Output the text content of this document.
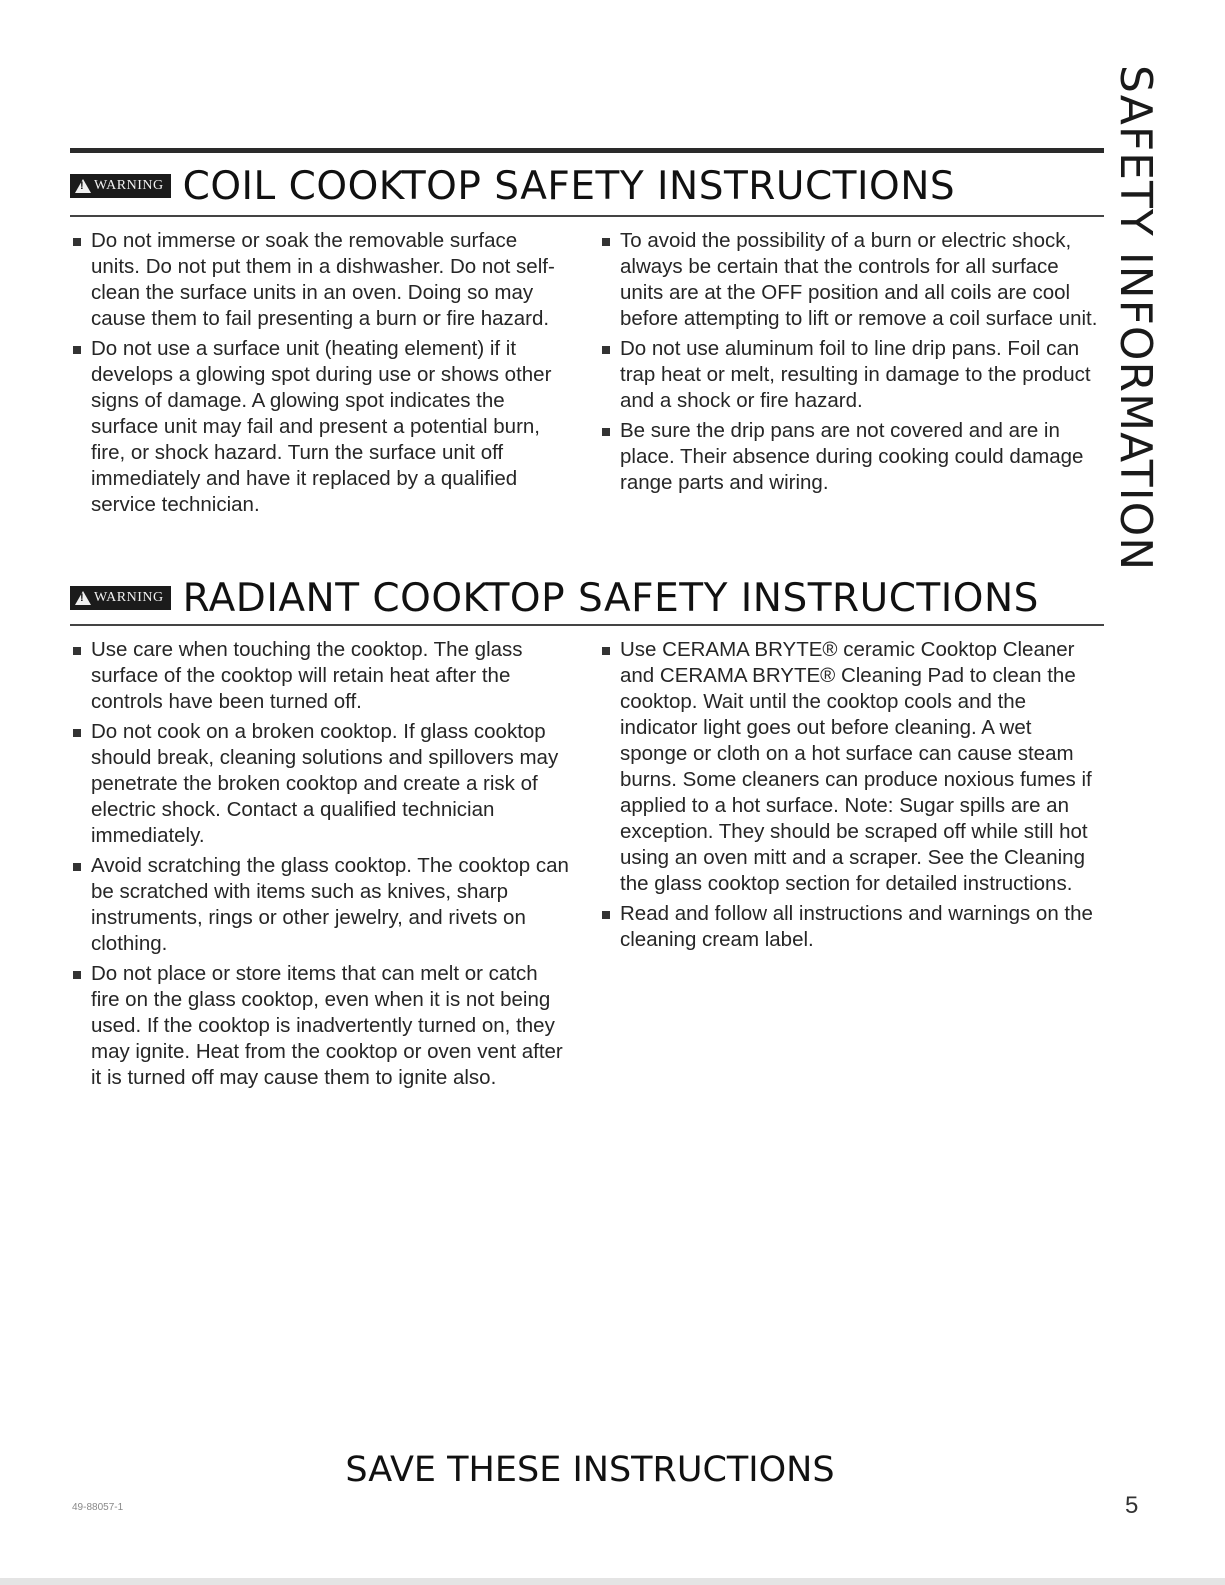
SAFETY INFORMATION
!
WARNING COIL COOKTOP SAFETY INSTRUCTIONS
Do not immerse or soak the removable surface units. Do not put them in a dishwasher. Do not self-clean the surface units in an oven. Doing so may cause them to fail presenting a burn or fire hazard.
Do not use a surface unit (heating element) if it develops a glowing spot during use or shows other signs of damage. A glowing spot indicates the surface unit may fail and present a potential burn, fire, or shock hazard. Turn the surface unit off immediately and have it replaced by a qualified service technician.
To avoid the possibility of a burn or electric shock, always be certain that the controls for all surface units are at the OFF position and all coils are cool before attempting to lift or remove a coil surface unit.
Do not use aluminum foil to line drip pans. Foil can trap heat or melt, resulting in damage to the product and a shock or fire hazard.
Be sure the drip pans are not covered and are in place. Their absence during cooking could damage range parts and wiring.
!
WARNING RADIANT COOKTOP SAFETY INSTRUCTIONS
Use care when touching the cooktop. The glass surface of the cooktop will retain heat after the controls have been turned off.
Do not cook on a broken cooktop. If glass cooktop should break, cleaning solutions and spillovers may penetrate the broken cooktop and create a risk of electric shock. Contact a qualified technician immediately.
Avoid scratching the glass cooktop. The cooktop can be scratched with items such as knives, sharp instruments, rings or other jewelry, and rivets on clothing.
Do not place or store items that can melt or catch fire on the glass cooktop, even when it is not being used. If the cooktop is inadvertently turned on, they may ignite. Heat from the cooktop or oven vent after it is turned off may cause them to ignite also.
Use CERAMA BRYTE® ceramic Cooktop Cleaner and CERAMA BRYTE® Cleaning Pad to clean the cooktop. Wait until the cooktop cools and the indicator light goes out before cleaning. A wet sponge or cloth on a hot surface can cause steam burns. Some cleaners can produce noxious fumes if applied to a hot surface. Note: Sugar spills are an exception. They should be scraped off while still hot using an oven mitt and a scraper. See the Cleaning the glass cooktop section for detailed instructions.
Read and follow all instructions and warnings on the cleaning cream label.
SAVE THESE INSTRUCTIONS
49-88057-1	5
